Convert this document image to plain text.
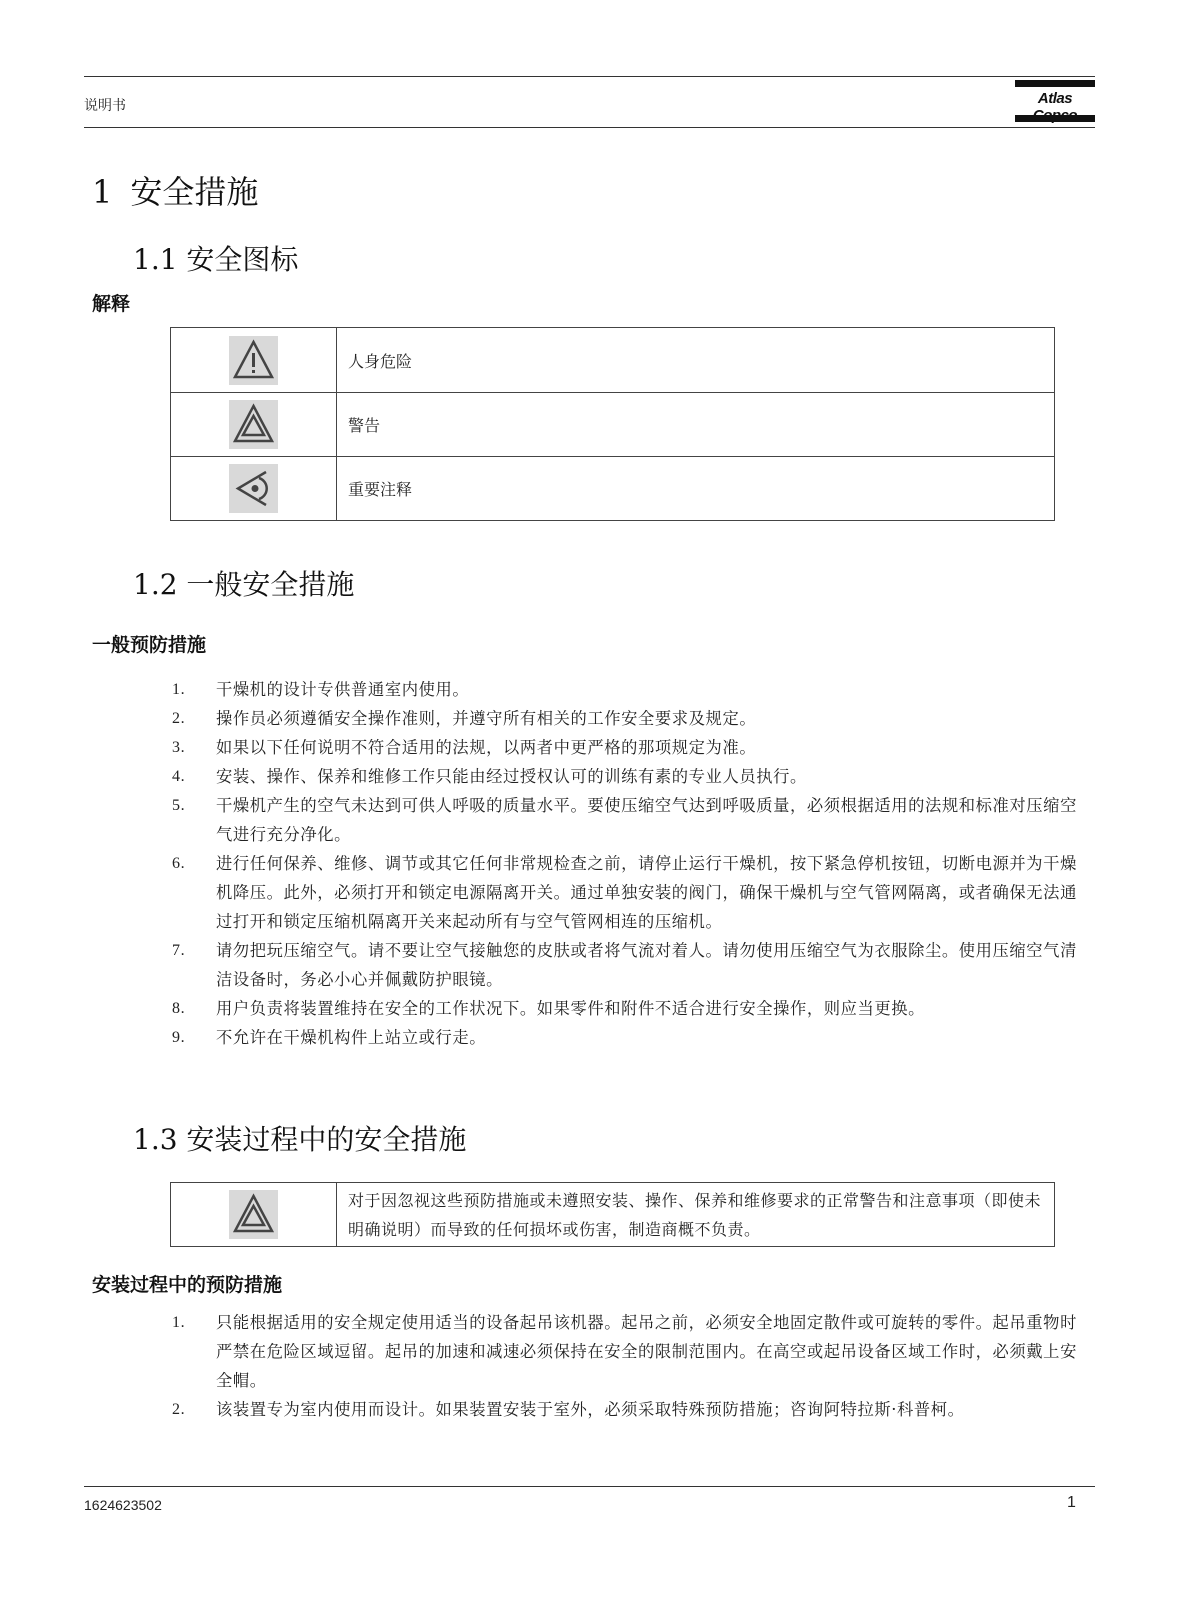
说明书	Atlas
1 安全措施
1.1 安全图标
解释
	人身危险

	警告

	重要注释
1.2 一般安全措施
一般预防措施
1. 干燥机的设计专供普通室内使用。
2. 操作员必须遵循安全操作准则，并遵守所有相关的工作安全要求及规定。
3. 如果以下任何说明不符合适用的法规，以两者中更严格的那项规定为准。
4. 安装、操作、保养和维修工作只能由经过授权认可的训练有素的专业人员执行。
5. 干燥机产生的空气未达到可供人呼吸的质量水平。要使压缩空气达到呼吸质量，必须根据适用的法规和标准对压缩空气进行充分净化。
6. 进行任何保养、维修、调节或其它任何非常规检查之前，请停止运行干燥机，按下紧急停机按钮，切断电源并为干燥机降压。此外，必须打开和锁定电源隔离开关。通过单独安装的阀门，确保干燥机与空气管网隔离，或者确保无法通过打开和锁定压缩机隔离开关来起动所有与空气管网相连的压缩机。
7. 请勿把玩压缩空气。请不要让空气接触您的皮肤或者将气流对着人。请勿使用压缩空气为衣服除尘。使用压缩空气清洁设备时，务必小心并佩戴防护眼镜。
8. 用户负责将装置维持在安全的工作状况下。如果零件和附件不适合进行安全操作，则应当更换。
9. 不允许在干燥机构件上站立或行走。
1.3 安装过程中的安全措施
	对于因忽视这些预防措施或未遵照安装、操作、保养和维修要求的正常警告和注意事项（即使未明确说明）而导致的任何损坏或伤害，制造商概不负责。
安装过程中的预防措施
1. 只能根据适用的安全规定使用适当的设备起吊该机器。起吊之前，必须安全地固定散件或可旋转的零件。起吊重物时严禁在危险区域逗留。起吊的加速和减速必须保持在安全的限制范围内。在高空或起吊设备区域工作时，必须戴上安全帽。
2. 该装置专为室内使用而设计。如果装置安装于室外，必须采取特殊预防措施；咨询阿特拉斯·科普柯。
1624623502	1
